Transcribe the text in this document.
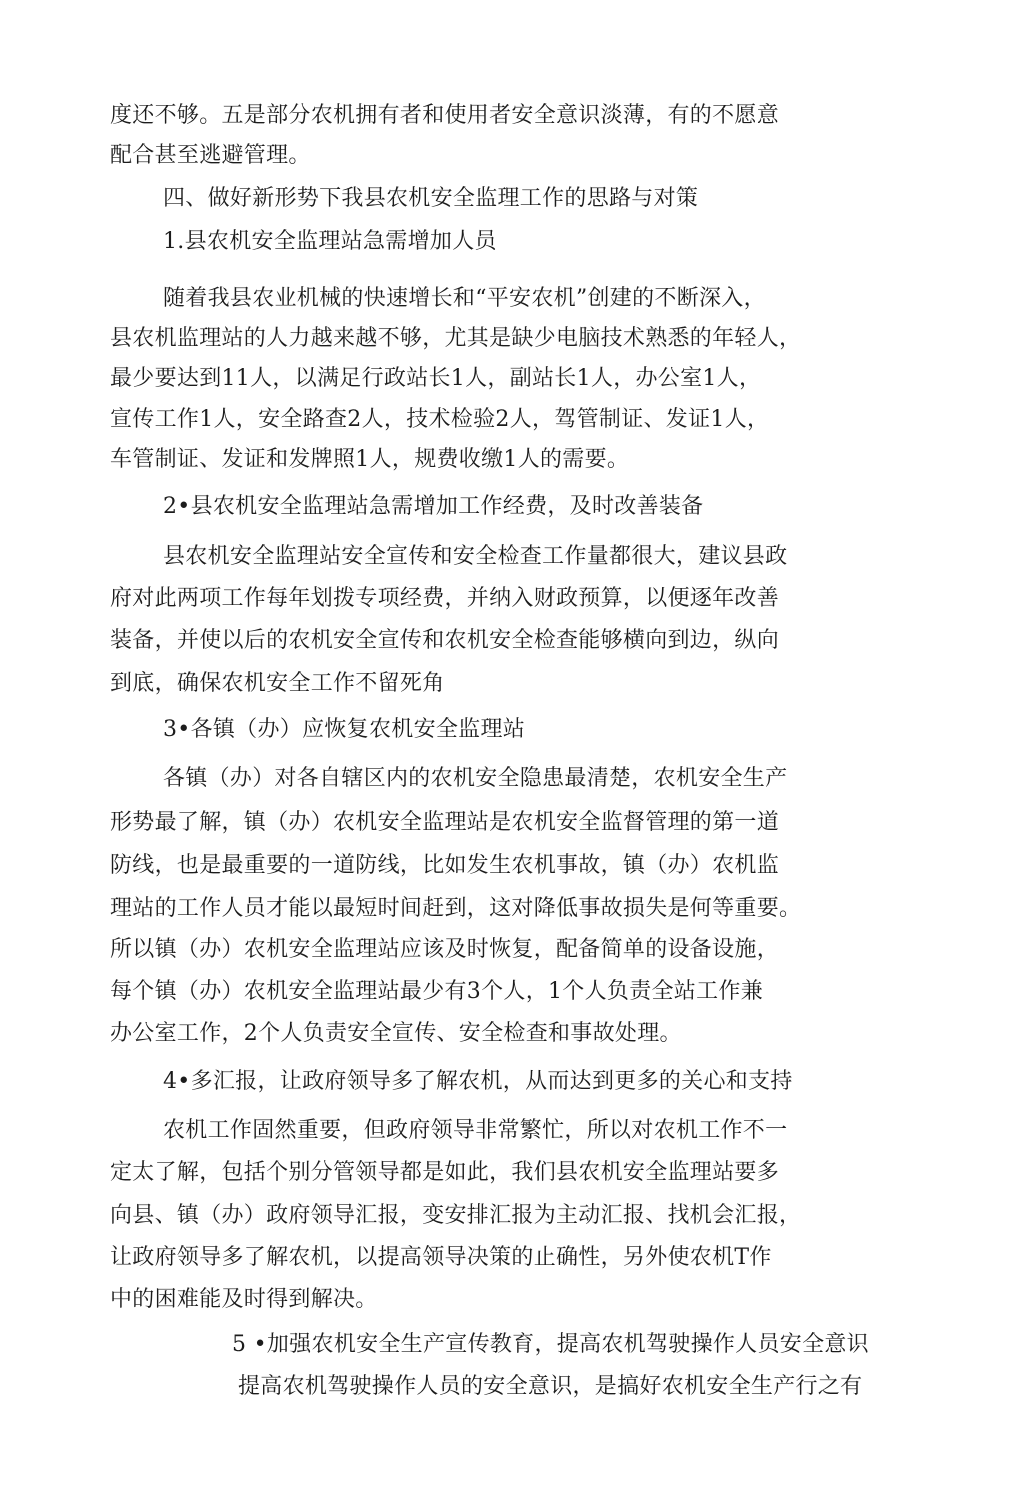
度还不够。五是部分农机拥有者和使用者安全意识淡薄，有的不愿意
配合甚至逃避管理。
四、做好新形势下我县农机安全监理工作的思路与对策
1.县农机安全监理站急需增加人员
随着我县农业机械的快速增长和“平安农机”创建的不断深入，
县农机监理站的人力越来越不够，尤其是缺少电脑技术熟悉的年轻人，
最少要达到11人，以满足行政站长1人，副站长1人，办公室1人，
宣传工作1人，安全路查2人，技术检验2人，驾管制证、发证1人，
车管制证、发证和发牌照1人，规费收缴1人的需要。
2•县农机安全监理站急需增加工作经费，及时改善装备
县农机安全监理站安全宣传和安全检查工作量都很大，建议县政
府对此两项工作每年划拨专项经费，并纳入财政预算，以便逐年改善
装备，并使以后的农机安全宣传和农机安全检查能够横向到边，纵向
到底，确保农机安全工作不留死角
3•各镇（办）应恢复农机安全监理站
各镇（办）对各自辖区内的农机安全隐患最清楚，农机安全生产
形势最了解，镇（办）农机安全监理站是农机安全监督管理的第一道
防线，也是最重要的一道防线，比如发生农机事故，镇（办）农机监
理站的工作人员才能以最短时间赶到，这对降低事故损失是何等重要。
所以镇（办）农机安全监理站应该及时恢复，配备简单的设备设施，
每个镇（办）农机安全监理站最少有3个人，1个人负责全站工作兼
办公室工作，2个人负责安全宣传、安全检查和事故处理。
4•多汇报，让政府领导多了解农机，从而达到更多的关心和支持
农机工作固然重要，但政府领导非常繁忙，所以对农机工作不一
定太了解，包括个别分管领导都是如此，我们县农机安全监理站要多
向县、镇（办）政府领导汇报，变安排汇报为主动汇报、找机会汇报，
让政府领导多了解农机，以提高领导决策的止确性，另外使农机T作
中的困难能及时得到解决。
5 •加强农机安全生产宣传教育，提高农机驾驶操作人员安全意识
提高农机驾驶操作人员的安全意识，是搞好农机安全生产行之有
